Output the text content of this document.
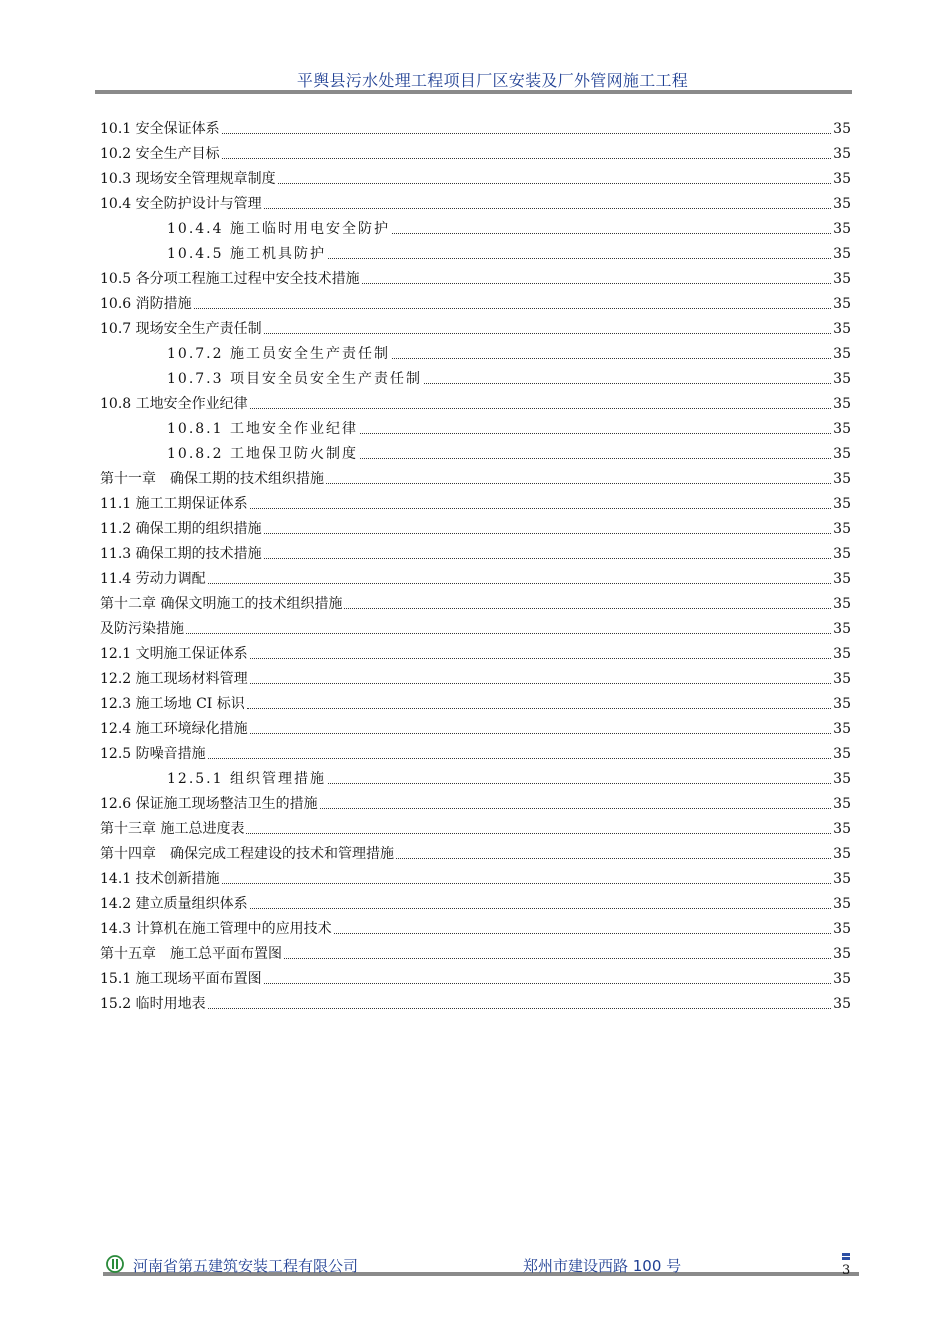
平舆县污水处理工程项目厂区安装及厂外管网施工工程
10.1 安全保证体系	35
10.2 安全生产目标	35
10.3 现场安全管理规章制度	35
10.4 安全防护设计与管理	35
10.4.4 施工临时用电安全防护	35
10.4.5 施工机具防护	35
10.5 各分项工程施工过程中安全技术措施	35
10.6 消防措施	35
10.7 现场安全生产责任制	35
10.7.2 施工员安全生产责任制	35
10.7.3 项目安全员安全生产责任制	35
10.8 工地安全作业纪律	35
10.8.1 工地安全作业纪律	35
10.8.2 工地保卫防火制度	35
第十一章　确保工期的技术组织措施	35
11.1 施工工期保证体系	35
11.2 确保工期的组织措施	35
11.3 确保工期的技术措施	35
11.4 劳动力调配	35
第十二章 确保文明施工的技术组织措施	35
及防污染措施	35
12.1 文明施工保证体系	35
12.2 施工现场材料管理	35
12.3 施工场地 CI 标识	35
12.4 施工环境绿化措施	35
12.5 防噪音措施	35
12.5.1 组织管理措施	35
12.6 保证施工现场整洁卫生的措施	35
第十三章 施工总进度表	35
第十四章　确保完成工程建设的技术和管理措施	35
14.1 技术创新措施	35
14.2 建立质量组织体系	35
14.3 计算机在施工管理中的应用技术	35
第十五章　施工总平面布置图	35
15.1 施工现场平面布置图	35
15.2 临时用地表	35
河南省第五建筑安装工程有限公司	郑州市建设西路 100 号	3
